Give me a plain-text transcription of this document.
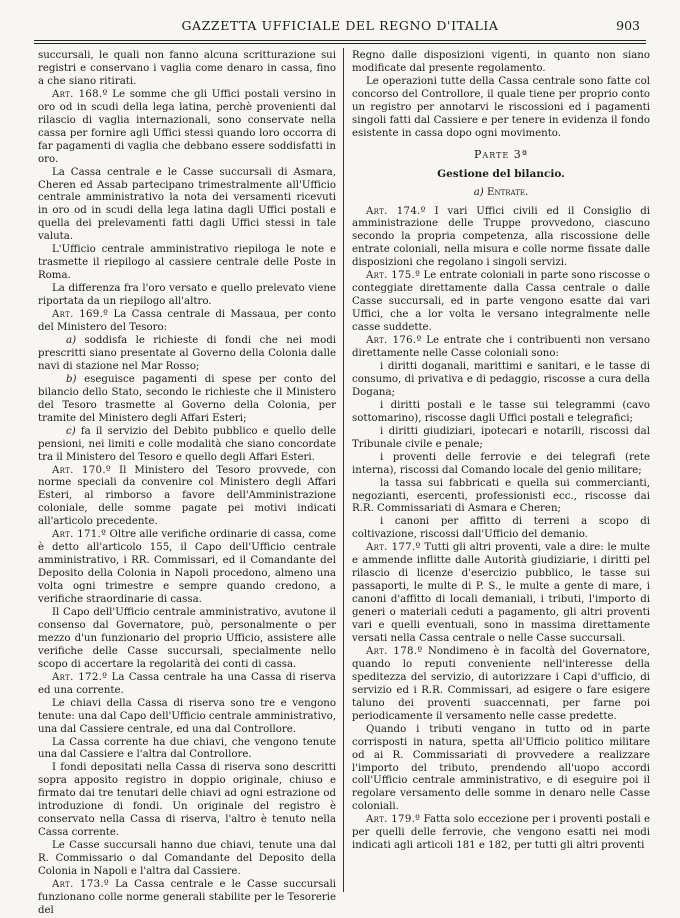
GAZZETTA UFFICIALE DEL REGNO D'ITALIA	903

succursali, le quali non fanno alcuna scritturazione sui registri e conservano i vaglia come denaro in cassa, fino a che siano ritirati.

Art. 168.º Le somme che gli Uffici postali versino in oro od in scudi della lega latina, perchè provenienti dal rilascio di vaglia internazionali, sono conservate nella cassa per fornire agli Uffici stessi quando loro occorra di far pagamenti di vaglia che debbano essere soddisfatti in oro.

La Cassa centrale e le Casse succursali di Asmara, Cheren ed Assab partecipano trimestralmente all'Ufficio centrale amministrativo la nota dei versamenti ricevuti in oro od in scudi della lega latina dagli Uffici postali e quella dei prelevamenti fatti dagli Uffici stessi in tale valuta.

L'Ufficio centrale amministrativo riepiloga le note e trasmette il riepilogo al cassiere centrale delle Poste in Roma.

La differenza fra l'oro versato e quello prelevato viene riportata da un riepilogo all'altro.

Art. 169.º La Cassa centrale di Massaua, per conto del Ministero del Tesoro:

a) soddisfa le richieste di fondi che nei modi prescritti siano presentate al Governo della Colonia dalle navi di stazione nel Mar Rosso;

b) eseguisce pagamenti di spese per conto del bilancio dello Stato, secondo le richieste che il Ministero del Tesoro trasmette al Governo della Colonia, per tramite del Ministero degli Affari Esteri;

c) fa il servizio del Debito pubblico e quello delle pensioni, nei limiti e colle modalità che siano concordate tra il Ministero del Tesoro e quello degli Affari Esteri.

Art. 170.º Il Ministero del Tesoro provvede, con norme speciali da convenire col Ministero degli Affari Esteri, al rimborso a favore dell'Amministrazione coloniale, delle somme pagate pei motivi indicati all'articolo precedente.

Art. 171.º Oltre alle verifiche ordinarie di cassa, come è detto all'articolo 155, il Capo dell'Ufficio centrale amministrativo, i RR. Commissari, ed il Comandante del Deposito della Colonia in Napoli procedono, almeno una volta ogni trimestre e sempre quando credono, a verifiche straordinarie di cassa.

Il Capo dell'Ufficio centrale amministrativo, avutone il consenso dal Governatore, può, personalmente o per mezzo d'un funzionario del proprio Ufficio, assistere alle verifiche delle Casse succursali, specialmente nello scopo di accertare la regolarità dei conti di cassa.

Art. 172.º La Cassa centrale ha una Cassa di riserva ed una corrente.

Le chiavi della Cassa di riserva sono tre e vengono tenute: una dal Capo dell'Ufficio centrale amministrativo, una dal Cassiere centrale, ed una dal Controllore.

La Cassa corrente ha due chiavi, che vengono tenute una dal Cassiere e l'altra dal Controllore.

I fondi depositati nella Cassa di riserva sono descritti sopra apposito registro in doppio originale, chiuso e firmato dai tre tenutari delle chiavi ad ogni estrazione od introduzione di fondi. Un originale del registro è conservato nella Cassa di riserva, l'altro è tenuto nella Cassa corrente.

Le Casse succursali hanno due chiavi, tenute una dal R. Commissario o dal Comandante del Deposito della Colonia in Napoli e l'altra dal Cassiere.

Art. 173.º La Cassa centrale e le Casse succursali funzionano colle norme generali stabilite per le Tesorerie del

Regno dalle disposizioni vigenti, in quanto non siano modificate dal presente regolamento.

Le operazioni tutte della Cassa centrale sono fatte col concorso del Controllore, il quale tiene per proprio conto un registro per annotarvi le riscossioni ed i pagamenti singoli fatti dal Cassiere e per tenere in evidenza il fondo esistente in cassa dopo ogni movimento.

Parte 3ª
Gestione del bilancio.
a) Entrate.

Art. 174.º I vari Uffici civili ed il Consiglio di amministrazione delle Truppe provvedono, ciascuno secondo la propria competenza, alla riscossione delle entrate coloniali, nella misura e colle norme fissate dalle disposizioni che regolano i singoli servizi.

Art. 175.º Le entrate coloniali in parte sono riscosse o conteggiate direttamente dalla Cassa centrale o dalle Casse succursali, ed in parte vengono esatte dai vari Uffici, che a lor volta le versano integralmente nelle casse suddette.

Art. 176.º Le entrate che i contribuenti non versano direttamente nelle Casse coloniali sono:

i diritti doganali, marittimi e sanitari, e le tasse di consumo, di privativa e di pedaggio, riscosse a cura della Dogana;

i diritti postali e le tasse sui telegrammi (cavo sottomarino), riscosse dagli Uffici postali e telegrafici;

i diritti giudiziari, ipotecari e notarili, riscossi dal Tribunale civile e penale;

i proventi delle ferrovie e dei telegrafi (rete interna), riscossi dal Comando locale del genio militare;

la tassa sui fabbricati e quella sui commercianti, negozianti, esercenti, professionisti ecc., riscosse dai R.R. Commissariati di Asmara e Cheren;

i canoni per affitto di terreni a scopo di coltivazione, riscossi dall'Ufficio del demanio.

Art. 177.º Tutti gli altri proventi, vale a dire: le multe e ammende inflitte dalle Autorità giudiziarie, i diritti pel rilascio di licenze d'esercizio pubblico, le tasse sui passaporti, le multe di P. S., le multe a gente di mare, i canoni d'affitto di locali demaniali, i tributi, l'importo di generi o materiali ceduti a pagamento, gli altri proventi vari e quelli eventuali, sono in massima direttamente versati nella Cassa centrale o nelle Casse succursali.

Art. 178.º Nondimeno è in facoltà del Governatore, quando lo reputi conveniente nell'interesse della speditezza del servizio, di autorizzare i Capi d'ufficio, di servizio ed i R.R. Commissari, ad esigere o fare esigere taluno dei proventi suaccennati, per farne poi periodicamente il versamento nelle casse predette.

Quando i tributi vengano in tutto od in parte corrisposti in natura, spetta all'Ufficio politico militare od ai R. Commissariati di provvedere a realizzare l'importo del tributo, prendendo all'uopo accordi coll'Ufficio centrale amministrativo, e di eseguire poi il regolare versamento delle somme in denaro nelle Casse coloniali.

Art. 179.º Fatta solo eccezione per i proventi postali e per quelli delle ferrovie, che vengono esatti nei modi indicati agli articoli 181 e 182, per tutti gli altri proventi
